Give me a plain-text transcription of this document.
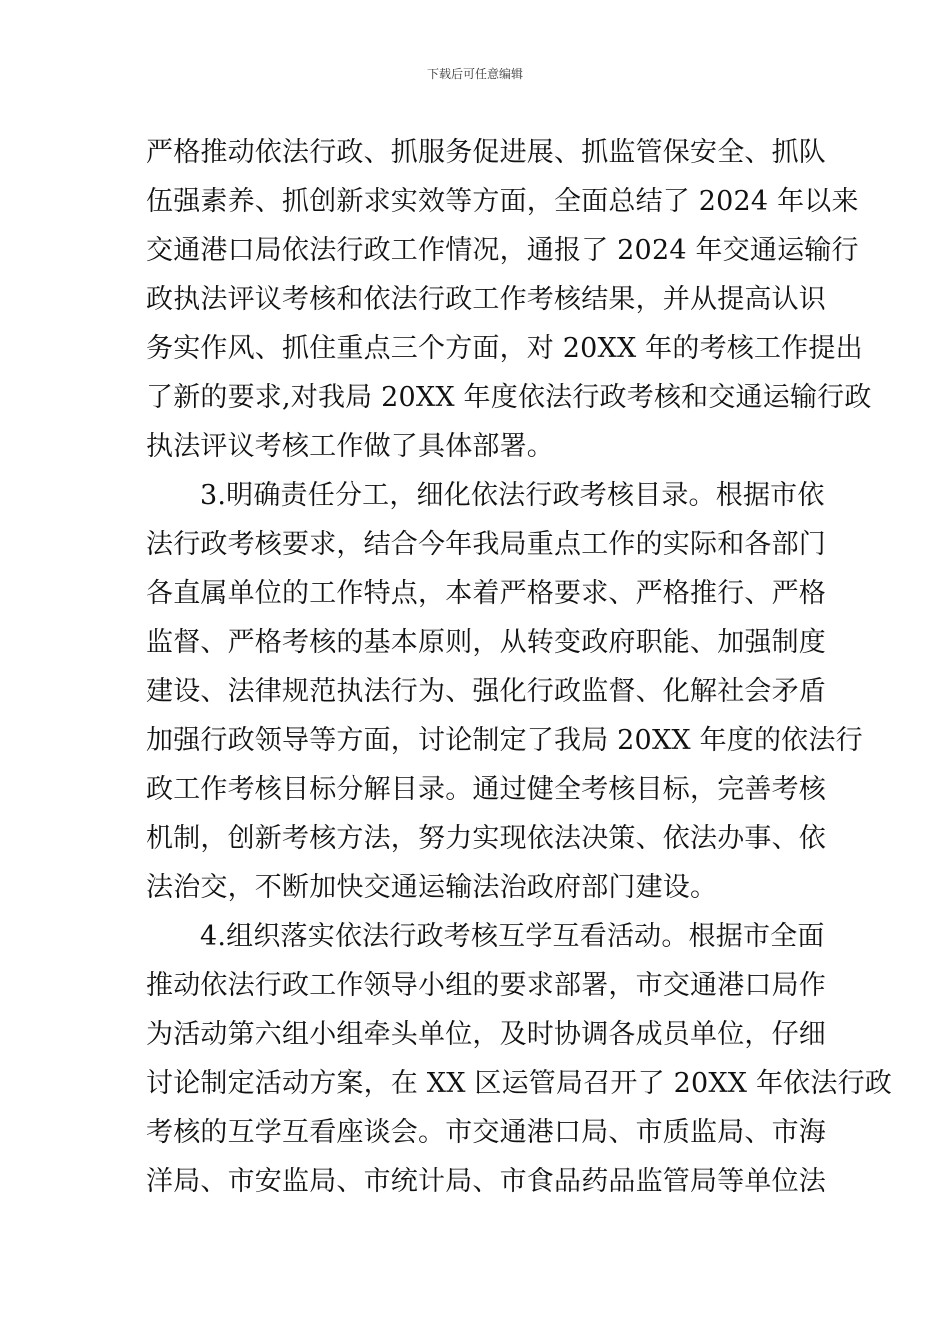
下载后可任意编辑
严格推动依法行政、抓服务促进展、抓监管保安全、抓队
伍强素养、抓创新求实效等方面，全面总结了 2024 年以来
交通港口局依法行政工作情况，通报了 2024 年交通运输行
政执法评议考核和依法行政工作考核结果，并从提高认识
务实作风、抓住重点三个方面，对 20XX 年的考核工作提出
了新的要求,对我局 20XX 年度依法行政考核和交通运输行政
执法评议考核工作做了具体部署。
3.明确责任分工，细化依法行政考核目录。根据市依
法行政考核要求，结合今年我局重点工作的实际和各部门
各直属单位的工作特点，本着严格要求、严格推行、严格
监督、严格考核的基本原则，从转变政府职能、加强制度
建设、法律规范执法行为、强化行政监督、化解社会矛盾
加强行政领导等方面，讨论制定了我局 20XX 年度的依法行
政工作考核目标分解目录。通过健全考核目标，完善考核
机制，创新考核方法，努力实现依法决策、依法办事、依
法治交，不断加快交通运输法治政府部门建设。
4.组织落实依法行政考核互学互看活动。根据市全面
推动依法行政工作领导小组的要求部署，市交通港口局作
为活动第六组小组牵头单位，及时协调各成员单位，仔细
讨论制定活动方案，在 XX 区运管局召开了 20XX 年依法行政
考核的互学互看座谈会。市交通港口局、市质监局、市海
洋局、市安监局、市统计局、市食品药品监管局等单位法
